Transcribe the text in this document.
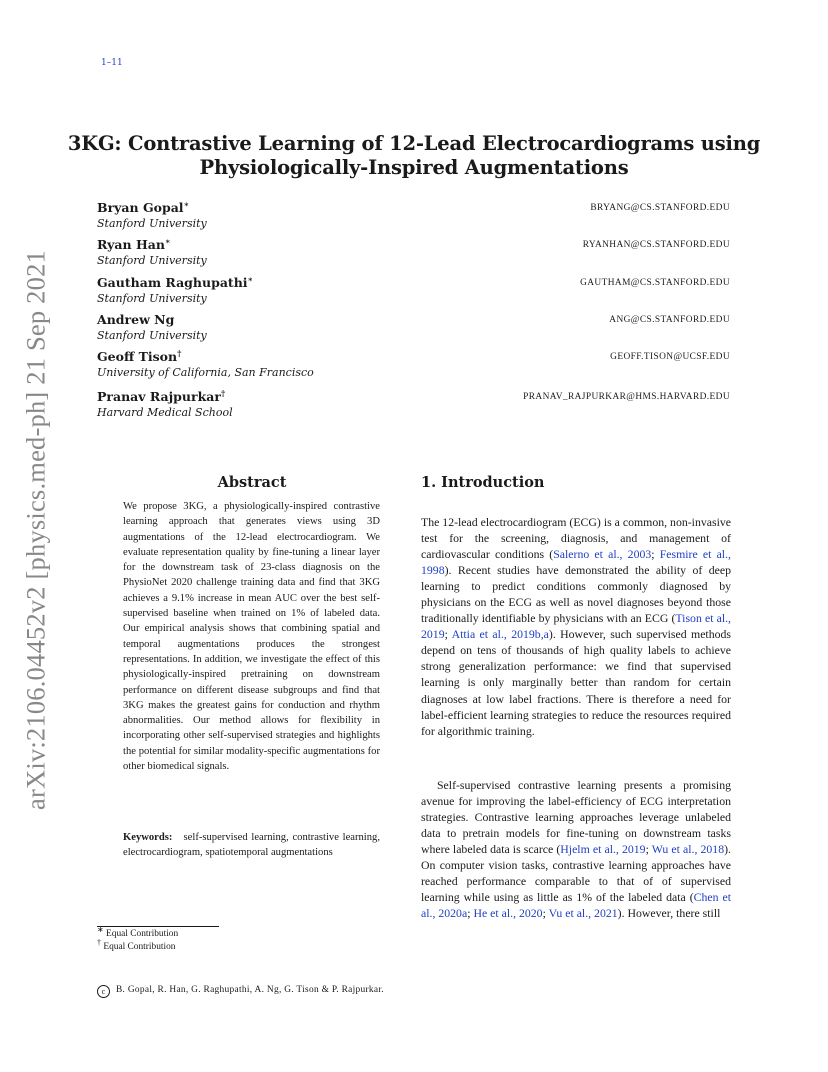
1–11
arXiv:2106.04452v2 [physics.med-ph] 21 Sep 2021
3KG: Contrastive Learning of 12-Lead Electrocardiograms using
Physiologically-Inspired Augmentations
Bryan Gopal∗
Stanford University
BRYANG@CS.STANFORD.EDU
Ryan Han∗
Stanford University
RYANHAN@CS.STANFORD.EDU
Gautham Raghupathi∗
Stanford University
GAUTHAM@CS.STANFORD.EDU
Andrew Ng
Stanford University
ANG@CS.STANFORD.EDU
Geoff Tison†
University of California, San Francisco
GEOFF.TISON@UCSF.EDU
Pranav Rajpurkar†
Harvard Medical School
PRANAV_RAJPURKAR@HMS.HARVARD.EDU
Abstract

We propose 3KG, a physiologically-inspired contrastive learning approach that generates views using 3D augmentations of the 12-lead electrocardiogram. We evaluate representation quality by fine-tuning a linear layer for the downstream task of 23-class diagnosis on the PhysioNet 2020 challenge training data and find that 3KG achieves a 9.1% increase in mean AUC over the best self-supervised baseline when trained on 1% of labeled data. Our empirical analysis shows that combining spatial and temporal augmentations produces the strongest representations. In addition, we investigate the effect of this physiologically-inspired pretraining on downstream performance on different disease subgroups and find that 3KG makes the greatest gains for conduction and rhythm abnormalities. Our method allows for flexibility in incorporating other self-supervised strategies and highlights the potential for similar modality-specific augmentations for other biomedical signals.

Keywords: self-supervised learning, contrastive learning, electrocardiogram, spatiotemporal augmentations

∗ Equal Contribution
† Equal Contribution
1. Introduction

The 12-lead electrocardiogram (ECG) is a common, non-invasive test for the screening, diagnosis, and management of cardiovascular conditions (Salerno et al., 2003; Fesmire et al., 1998). Recent studies have demonstrated the ability of deep learning to predict conditions commonly diagnosed by physicians on the ECG as well as novel diagnoses beyond those traditionally identifiable by physicians with an ECG (Tison et al., 2019; Attia et al., 2019b,a). However, such supervised methods depend on tens of thousands of high quality labels to achieve strong generalization performance: we find that supervised learning is only marginally better than random for certain diagnoses at low label fractions. There is therefore a need for label-efficient learning strategies to reduce the resources required for algorithmic training.

Self-supervised contrastive learning presents a promising avenue for improving the label-efficiency of ECG interpretation strategies. Contrastive learning approaches leverage unlabeled data to pretrain models for fine-tuning on downstream tasks where labeled data is scarce (Hjelm et al., 2019; Wu et al., 2018). On computer vision tasks, contrastive learning approaches have reached performance comparable to that of of supervised learning while using as little as 1% of the labeled data (Chen et al., 2020a; He et al., 2020; Vu et al., 2021). However, there still

c B. Gopal, R. Han, G. Raghupathi, A. Ng, G. Tison & P. Rajpurkar.
